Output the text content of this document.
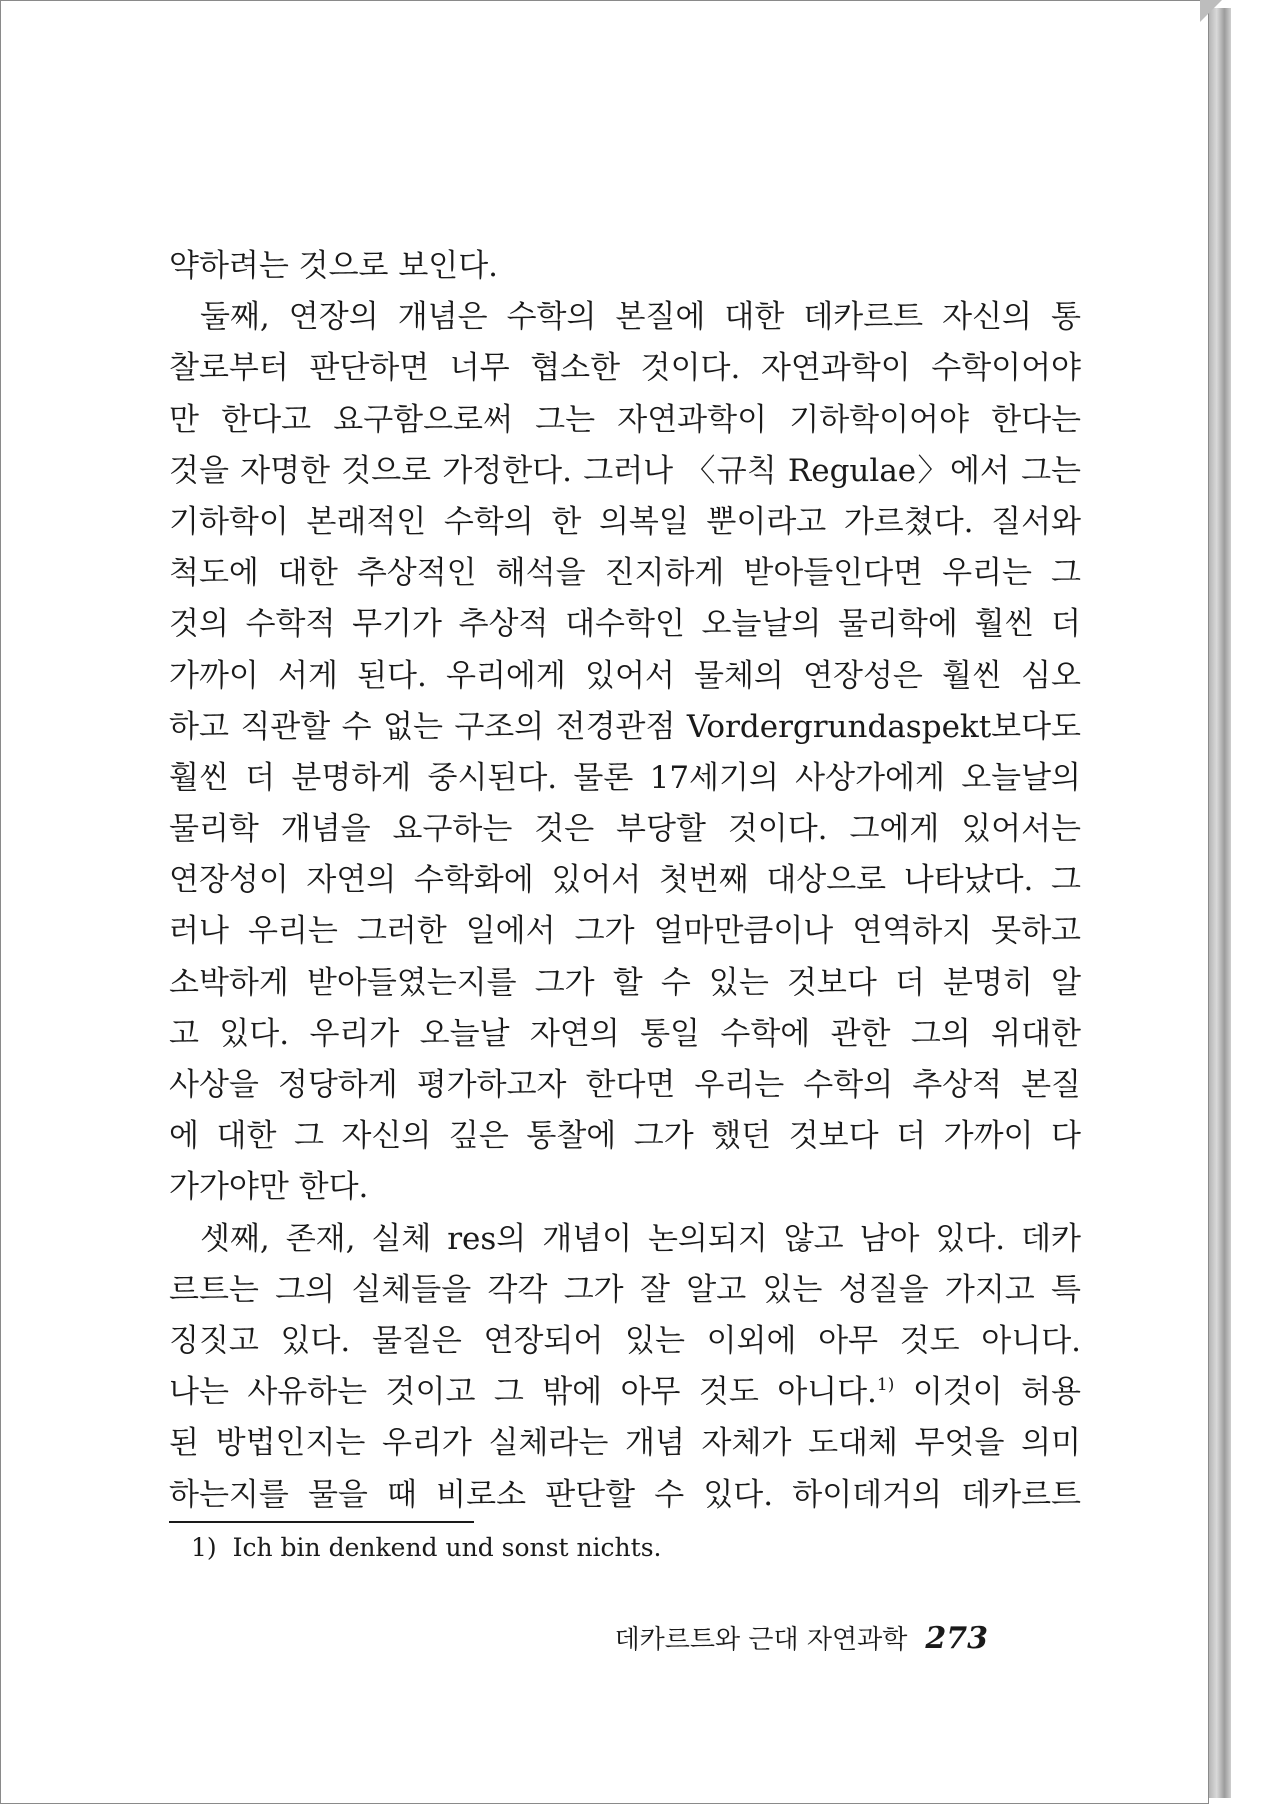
약하려는 것으로 보인다.
둘째, 연장의 개념은 수학의 본질에 대한 데카르트 자신의 통
찰로부터 판단하면 너무 협소한 것이다. 자연과학이 수학이어야
만 한다고 요구함으로써 그는 자연과학이 기하학이어야 한다는
것을 자명한 것으로 가정한다. 그러나 〈규칙 Regulae〉에서 그는
기하학이 본래적인 수학의 한 의복일 뿐이라고 가르쳤다. 질서와
척도에 대한 추상적인 해석을 진지하게 받아들인다면 우리는 그
것의 수학적 무기가 추상적 대수학인 오늘날의 물리학에 훨씬 더
가까이 서게 된다. 우리에게 있어서 물체의 연장성은 훨씬 심오
하고 직관할 수 없는 구조의 전경관점 Vordergrundaspekt보다도
훨씬 더 분명하게 중시된다. 물론 17세기의 사상가에게 오늘날의
물리학 개념을 요구하는 것은 부당할 것이다. 그에게 있어서는
연장성이 자연의 수학화에 있어서 첫번째 대상으로 나타났다. 그
러나 우리는 그러한 일에서 그가 얼마만큼이나 연역하지 못하고
소박하게 받아들였는지를 그가 할 수 있는 것보다 더 분명히 알
고 있다. 우리가 오늘날 자연의 통일 수학에 관한 그의 위대한
사상을 정당하게 평가하고자 한다면 우리는 수학의 추상적 본질
에 대한 그 자신의 깊은 통찰에 그가 했던 것보다 더 가까이 다
가가야만 한다.
셋째, 존재, 실체 res의 개념이 논의되지 않고 남아 있다. 데카
르트는 그의 실체들을 각각 그가 잘 알고 있는 성질을 가지고 특
징짓고 있다. 물질은 연장되어 있는 이외에 아무 것도 아니다.
나는 사유하는 것이고 그 밖에 아무 것도 아니다.$^{1)}$ 이것이 허용
된 방법인지는 우리가 실체라는 개념 자체가 도대체 무엇을 의미
하는지를 물을 때 비로소 판단할 수 있다. 하이데거의 데카르트
1) Ich bin denkend und sonst nichts.
데카르트와 근대 자연과학 273
